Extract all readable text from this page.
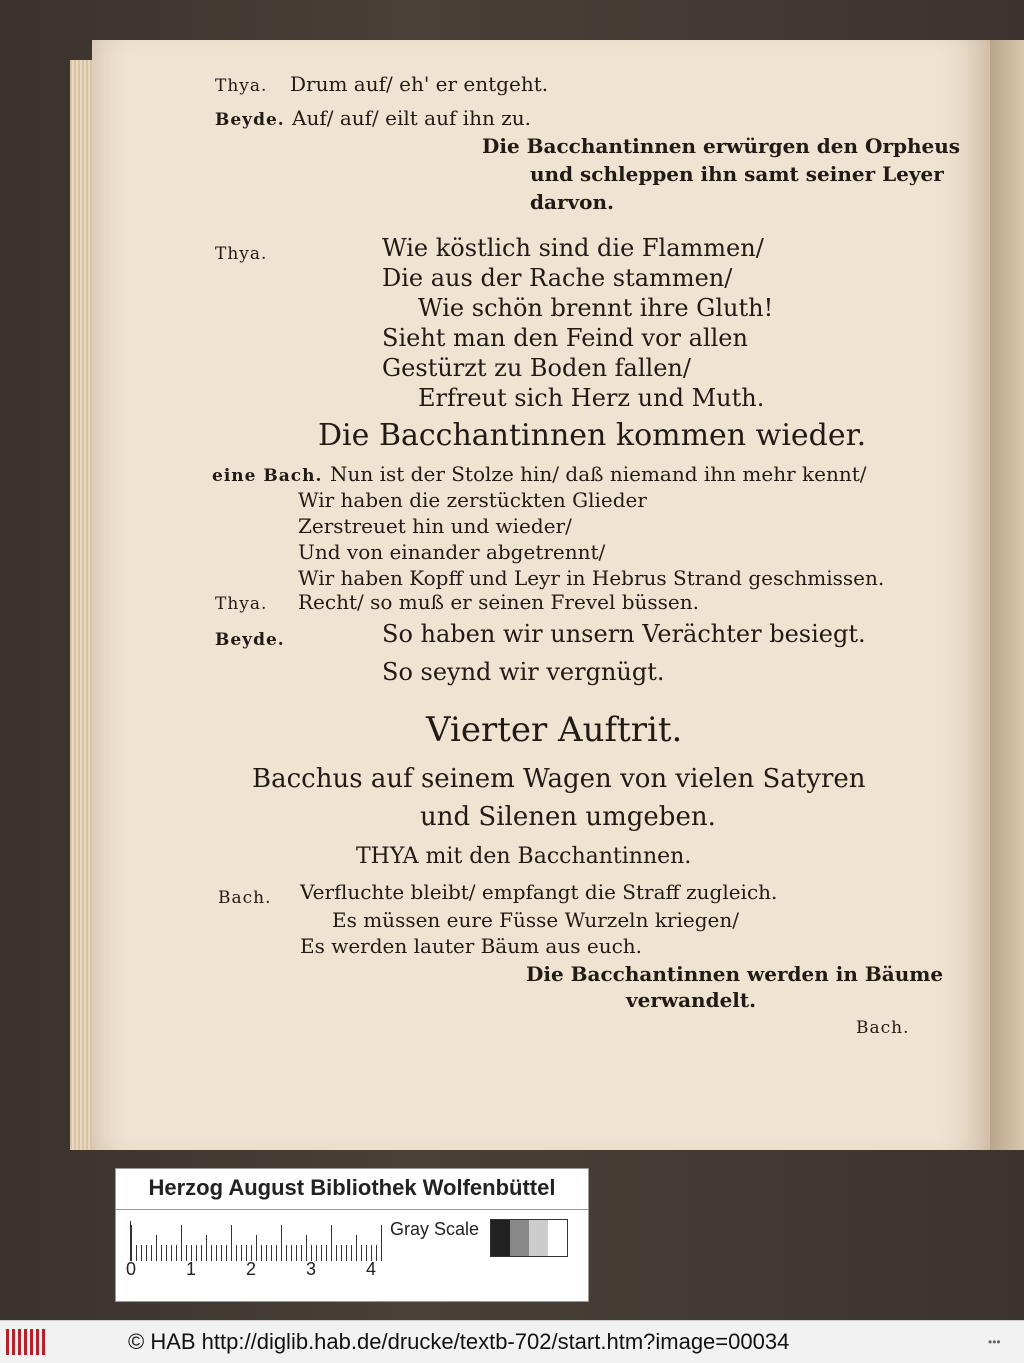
Thya. Drum auf/ eh' er entgeht.
Beyde. Auf/ auf/ eilt auf ihn zu.
Die Bacchantinnen erwürgen den Orpheus
und schleppen ihn samt seiner Leyer
darvon.
Thya.	Wie köstlich sind die Flammen/
Die aus der Rache stammen/
Wie schön brennt ihre Gluth!
Sieht man den Feind vor allen
Gestürzt zu Boden fallen/
Erfreut sich Herz und Muth.
Die Bacchantinnen kommen wieder.
eine Bach. Nun ist der Stolze hin/ daß niemand ihn mehr kennt/
Wir haben die zerstückten Glieder
Zerstreuet hin und wieder/
Und von einander abgetrennt/
Wir haben Kopff und Leyr in Hebrus Strand geschmissen.
Thya. Recht/ so muß er seinen Frevel büssen.
Beyde.	So haben wir unsern Verächter besiegt.
So seynd wir vergnügt.
Vierter Auftrit.
Bacchus auf seinem Wagen von vielen Satyren
und Silenen umgeben.
THYA mit den Bacchantinnen.
Bach. Verfluchte bleibt/ empfangt die Straff zugleich.
Es müssen eure Füsse Wurzeln kriegen/
Es werden lauter Bäum aus euch.
Die Bacchantinnen werden in Bäume
verwandelt.
Bach.
Herzog August Bibliothek Wolfenbüttel
0	1	2	3	4
Gray Scale
© HAB http://diglib.hab.de/drucke/textb-702/start.htm?image=00034	•••
